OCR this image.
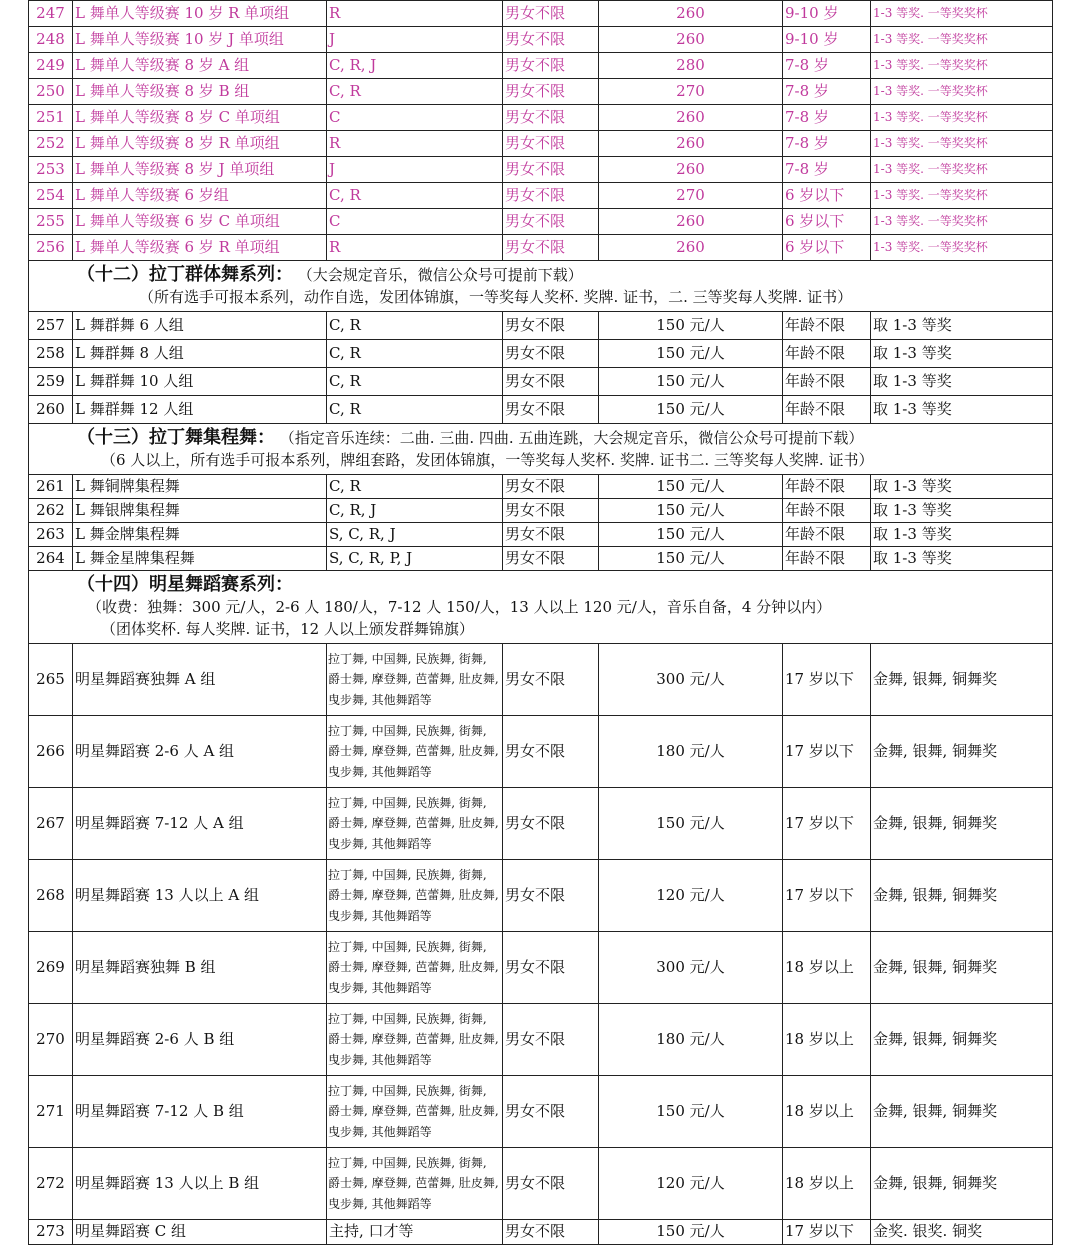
247	L 舞单人等级赛 10 岁 R 单项组	R	男女不限	260	9-10 岁	1-3 等奖. 一等奖奖杯
248	L 舞单人等级赛 10 岁 J 单项组	J	男女不限	260	9-10 岁	1-3 等奖. 一等奖奖杯
249	L 舞单人等级赛 8 岁 A 组	C, R, J	男女不限	280	7-8 岁	1-3 等奖. 一等奖奖杯
250	L 舞单人等级赛 8 岁 B 组	C, R	男女不限	270	7-8 岁	1-3 等奖. 一等奖奖杯
251	L 舞单人等级赛 8 岁 C 单项组	C	男女不限	260	7-8 岁	1-3 等奖. 一等奖奖杯
252	L 舞单人等级赛 8 岁 R 单项组	R	男女不限	260	7-8 岁	1-3 等奖. 一等奖奖杯
253	L 舞单人等级赛 8 岁 J 单项组	J	男女不限	260	7-8 岁	1-3 等奖. 一等奖奖杯
254	L 舞单人等级赛 6 岁组	C, R	男女不限	270	6 岁以下	1-3 等奖. 一等奖奖杯
255	L 舞单人等级赛 6 岁 C 单项组	C	男女不限	260	6 岁以下	1-3 等奖. 一等奖奖杯
256	L 舞单人等级赛 6 岁 R 单项组	R	男女不限	260	6 岁以下	1-3 等奖. 一等奖奖杯

（十二）拉丁群体舞系列： （大会规定音乐，微信公众号可提前下载）
（所有选手可报本系列，动作自选，发团体锦旗，一等奖每人奖杯. 奖牌. 证书，二. 三等奖每人奖牌. 证书）						

257	L 舞群舞 6 人组	C, R	男女不限	150 元/人	年龄不限	取 1-3 等奖
258	L 舞群舞 8 人组	C, R	男女不限	150 元/人	年龄不限	取 1-3 等奖
259	L 舞群舞 10 人组	C, R	男女不限	150 元/人	年龄不限	取 1-3 等奖
260	L 舞群舞 12 人组	C, R	男女不限	150 元/人	年龄不限	取 1-3 等奖

（十三）拉丁舞集程舞： （指定音乐连续：二曲. 三曲. 四曲. 五曲连跳，大会规定音乐，微信公众号可提前下载）
（6 人以上，所有选手可报本系列，牌组套路，发团体锦旗，一等奖每人奖杯. 奖牌. 证书二. 三等奖每人奖牌. 证书）						

261	L 舞铜牌集程舞	C, R	男女不限	150 元/人	年龄不限	取 1-3 等奖
262	L 舞银牌集程舞	C, R, J	男女不限	150 元/人	年龄不限	取 1-3 等奖
263	L 舞金牌集程舞	S, C, R, J	男女不限	150 元/人	年龄不限	取 1-3 等奖
264	L 舞金星牌集程舞	S, C, R, P, J	男女不限	150 元/人	年龄不限	取 1-3 等奖

（十四）明星舞蹈赛系列：
（收费：独舞：300 元/人，2-6 人 180/人，7-12 人 150/人，13 人以上 120 元/人，音乐自备，4 分钟以内）
（团体奖杯. 每人奖牌. 证书，12 人以上颁发群舞锦旗）						

265	明星舞蹈赛独舞 A 组	拉丁舞, 中国舞, 民族舞, 街舞, 爵士舞, 摩登舞, 芭蕾舞, 肚皮舞, 曳步舞, 其他舞蹈等	男女不限	300 元/人	17 岁以下	金舞, 银舞, 铜舞奖
266	明星舞蹈赛 2-6 人 A 组	拉丁舞, 中国舞, 民族舞, 街舞, 爵士舞, 摩登舞, 芭蕾舞, 肚皮舞, 曳步舞, 其他舞蹈等	男女不限	180 元/人	17 岁以下	金舞, 银舞, 铜舞奖
267	明星舞蹈赛 7-12 人 A 组	拉丁舞, 中国舞, 民族舞, 街舞, 爵士舞, 摩登舞, 芭蕾舞, 肚皮舞, 曳步舞, 其他舞蹈等	男女不限	150 元/人	17 岁以下	金舞, 银舞, 铜舞奖
268	明星舞蹈赛 13 人以上 A 组	拉丁舞, 中国舞, 民族舞, 街舞, 爵士舞, 摩登舞, 芭蕾舞, 肚皮舞, 曳步舞, 其他舞蹈等	男女不限	120 元/人	17 岁以下	金舞, 银舞, 铜舞奖
269	明星舞蹈赛独舞 B 组	拉丁舞, 中国舞, 民族舞, 街舞, 爵士舞, 摩登舞, 芭蕾舞, 肚皮舞, 曳步舞, 其他舞蹈等	男女不限	300 元/人	18 岁以上	金舞, 银舞, 铜舞奖
270	明星舞蹈赛 2-6 人 B 组	拉丁舞, 中国舞, 民族舞, 街舞, 爵士舞, 摩登舞, 芭蕾舞, 肚皮舞, 曳步舞, 其他舞蹈等	男女不限	180 元/人	18 岁以上	金舞, 银舞, 铜舞奖
271	明星舞蹈赛 7-12 人 B 组	拉丁舞, 中国舞, 民族舞, 街舞, 爵士舞, 摩登舞, 芭蕾舞, 肚皮舞, 曳步舞, 其他舞蹈等	男女不限	150 元/人	18 岁以上	金舞, 银舞, 铜舞奖
272	明星舞蹈赛 13 人以上 B 组	拉丁舞, 中国舞, 民族舞, 街舞, 爵士舞, 摩登舞, 芭蕾舞, 肚皮舞, 曳步舞, 其他舞蹈等	男女不限	120 元/人	18 岁以上	金舞, 银舞, 铜舞奖
273	明星舞蹈赛 C 组	主持, 口才等	男女不限	150 元/人	17 岁以下	金奖. 银奖. 铜奖
